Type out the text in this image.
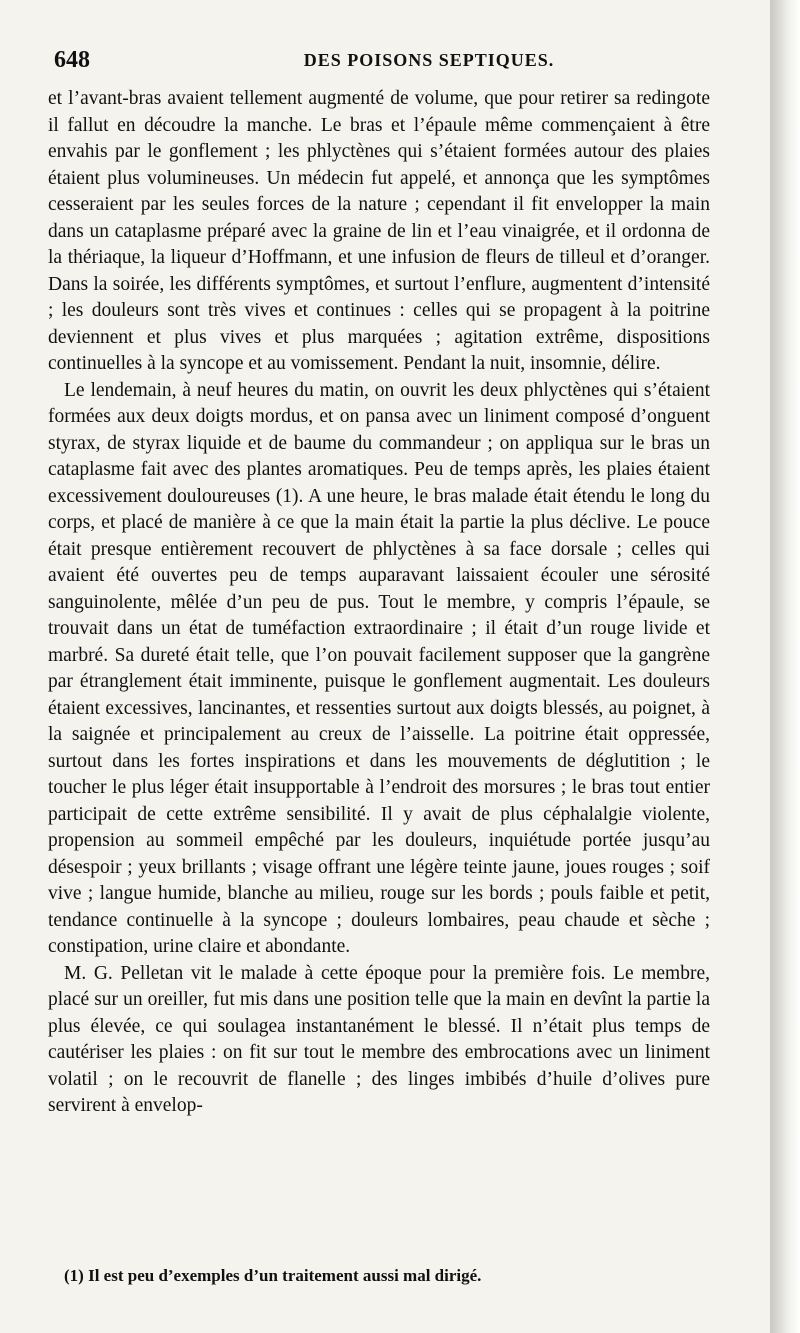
648	DES POISONS SEPTIQUES.

et l’avant-bras avaient tellement augmenté de volume, que pour retirer sa redingote il fallut en découdre la manche. Le bras et l’épaule même commençaient à être envahis par le gonflement ; les phlyctènes qui s’étaient formées autour des plaies étaient plus volumineuses. Un médecin fut appelé, et annonça que les symptômes cesseraient par les seules forces de la nature ; cependant il fit envelopper la main dans un cataplasme préparé avec la graine de lin et l’eau vinaigrée, et il ordonna de la thériaque, la liqueur d’Hoffmann, et une infusion de fleurs de tilleul et d’oranger. Dans la soirée, les différents symptômes, et surtout l’enflure, augmentent d’intensité ; les douleurs sont très vives et continues : celles qui se propagent à la poitrine deviennent et plus vives et plus marquées ; agitation extrême, dispositions continuelles à la syncope et au vomissement. Pendant la nuit, insomnie, délire.

Le lendemain, à neuf heures du matin, on ouvrit les deux phlyctènes qui s’étaient formées aux deux doigts mordus, et on pansa avec un liniment composé d’onguent styrax, de styrax liquide et de baume du commandeur ; on appliqua sur le bras un cataplasme fait avec des plantes aromatiques. Peu de temps après, les plaies étaient excessivement douloureuses (1). A une heure, le bras malade était étendu le long du corps, et placé de manière à ce que la main était la partie la plus déclive. Le pouce était presque entièrement recouvert de phlyctènes à sa face dorsale ; celles qui avaient été ouvertes peu de temps auparavant laissaient écouler une sérosité sanguinolente, mêlée d’un peu de pus. Tout le membre, y compris l’épaule, se trouvait dans un état de tuméfaction extraordinaire ; il était d’un rouge livide et marbré. Sa dureté était telle, que l’on pouvait facilement supposer que la gangrène par étranglement était imminente, puisque le gonflement augmentait. Les douleurs étaient excessives, lancinantes, et ressenties surtout aux doigts blessés, au poignet, à la saignée et principalement au creux de l’aisselle. La poitrine était oppressée, surtout dans les fortes inspirations et dans les mouvements de déglutition ; le toucher le plus léger était insupportable à l’endroit des morsures ; le bras tout entier participait de cette extrême sensibilité. Il y avait de plus céphalalgie violente, propension au sommeil empêché par les douleurs, inquiétude portée jusqu’au désespoir ; yeux brillants ; visage offrant une légère teinte jaune, joues rouges ; soif vive ; langue humide, blanche au milieu, rouge sur les bords ; pouls faible et petit, tendance continuelle à la syncope ; douleurs lombaires, peau chaude et sèche ; constipation, urine claire et abondante.

M. G. Pelletan vit le malade à cette époque pour la première fois. Le membre, placé sur un oreiller, fut mis dans une position telle que la main en devînt la partie la plus élevée, ce qui soulagea instantanément le blessé. Il n’était plus temps de cautériser les plaies : on fit sur tout le membre des embrocations avec un liniment volatil ; on le recouvrit de flanelle ; des linges imbibés d’huile d’olives pure servirent à envelop-

(1) Il est peu d’exemples d’un traitement aussi mal dirigé.
